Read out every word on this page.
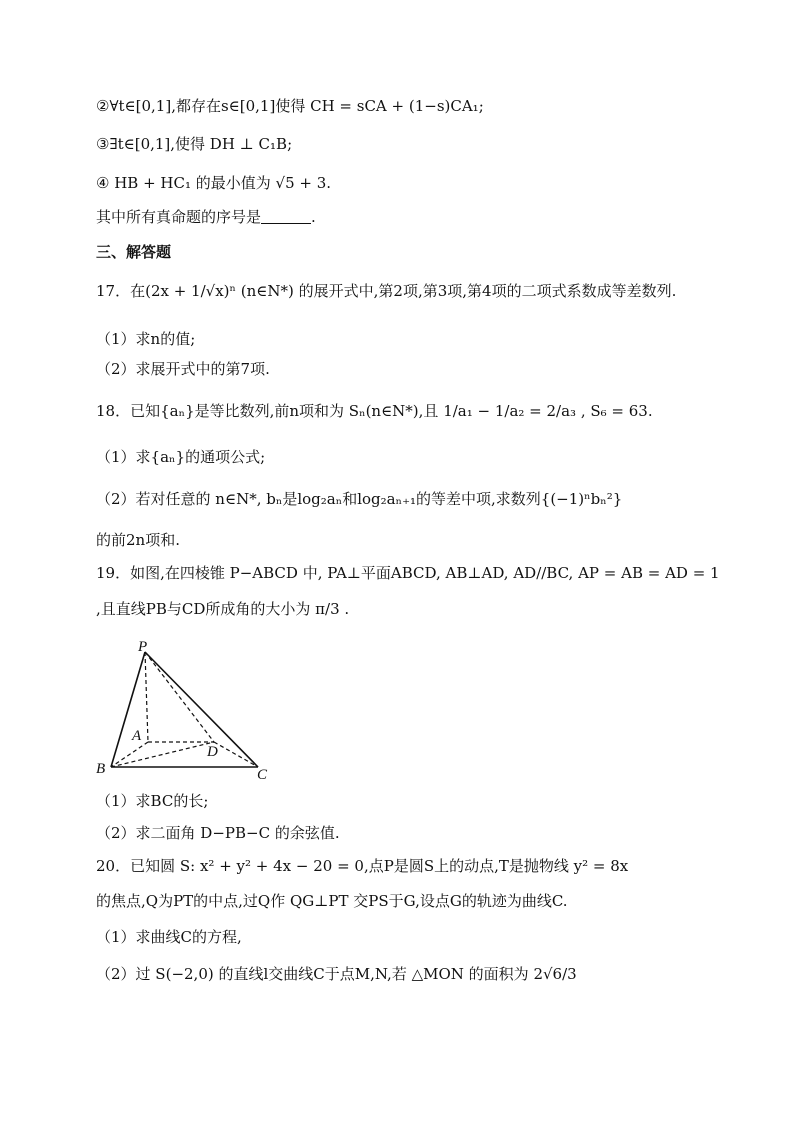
②∀t∈[0,1],都存在s∈[0,1]使得 CH = sCA + (1−s)CA₁;
③∃t∈[0,1],使得 DH ⊥ C₁B;
④ HB + HC₁ 的最小值为 √5 + 3.
其中所有真命题的序号是	.
三、解答题
17．在(2x + 1/√x)ⁿ (n∈N*) 的展开式中,第2项,第3项,第4项的二项式系数成等差数列.
（1）求n的值;
（2）求展开式中的第7项.
18．已知{aₙ}是等比数列,前n项和为 Sₙ(n∈N*),且 1/a₁ − 1/a₂ = 2/a₃ , S₆ = 63.
（1）求{aₙ}的通项公式;
（2）若对任意的 n∈N*, bₙ是log₂aₙ和log₂aₙ₊₁的等差中项,求数列{(−1)ⁿbₙ²}
的前2n项和.
19．如图,在四棱锥 P−ABCD 中, PA⊥平面ABCD, AB⊥AD, AD//BC, AP = AB = AD = 1
,且直线PB与CD所成角的大小为 π/3 .
P
A
D
B	C
（1）求BC的长;
（2）求二面角 D−PB−C 的余弦值.
20．已知圆 S: x² + y² + 4x − 20 = 0,点P是圆S上的动点,T是抛物线 y² = 8x
的焦点,Q为PT的中点,过Q作 QG⊥PT 交PS于G,设点G的轨迹为曲线C.
（1）求曲线C的方程,
（2）过 S(−2,0) 的直线l交曲线C于点M,N,若 △MON 的面积为 2√6/3
